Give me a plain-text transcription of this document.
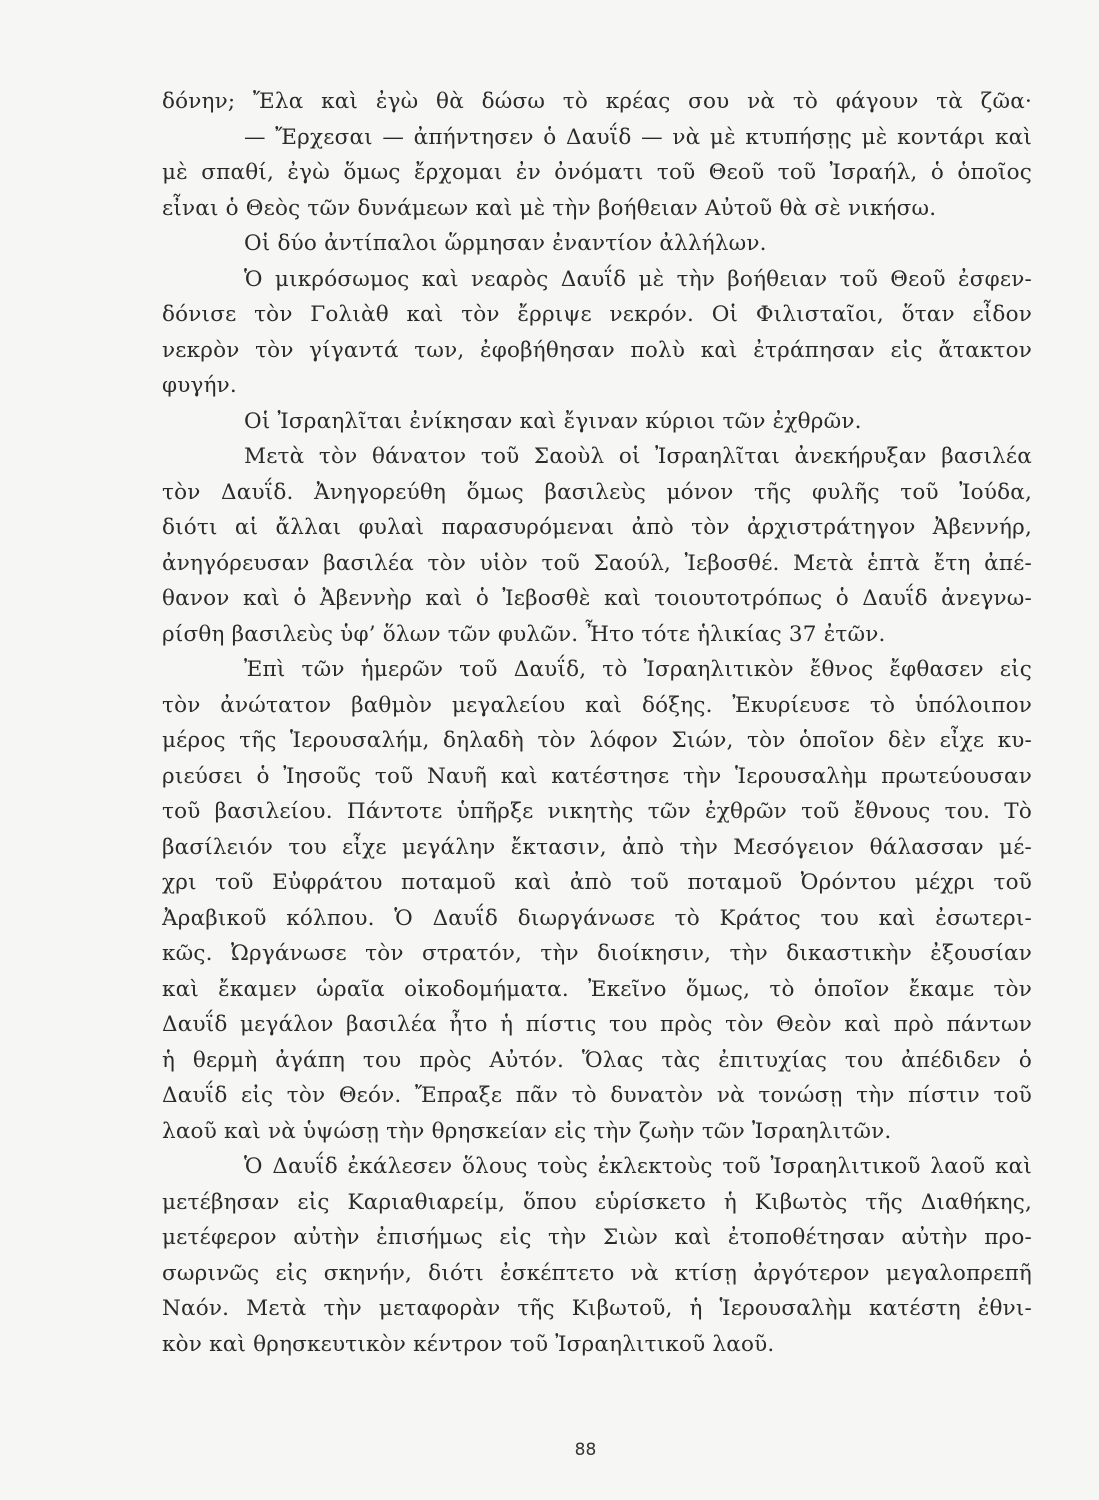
δόνην; Ἔλα καὶ ἐγὼ θὰ δώσω τὸ κρέας σου νὰ τὸ φάγουν τὰ ζῶα·
— Ἔρχεσαι — ἀπήντησεν ὁ Δαυΐδ — νὰ μὲ κτυπήσῃς μὲ κοντάρι καὶ
μὲ σπαθί, ἐγὼ ὅμως ἔρχομαι ἐν ὀνόματι τοῦ Θεοῦ τοῦ Ἰσραήλ, ὁ ὁποῖος
εἶναι ὁ Θεὸς τῶν δυνάμεων καὶ μὲ τὴν βοήθειαν Αὐτοῦ θὰ σὲ νικήσω.
Οἱ δύο ἀντίπαλοι ὥρμησαν ἐναντίον ἀλλήλων.
Ὁ μικρόσωμος καὶ νεαρὸς Δαυΐδ μὲ τὴν βοήθειαν τοῦ Θεοῦ ἐσφεν-
δόνισε τὸν Γολιὰθ καὶ τὸν ἔρριψε νεκρόν. Οἱ Φιλισταῖοι, ὅταν εἶδον
νεκρὸν τὸν γίγαντά των, ἐφοβήθησαν πολὺ καὶ ἐτράπησαν εἰς ἄτακτον
φυγήν.
Οἱ Ἰσραηλῖται ἐνίκησαν καὶ ἔγιναν κύριοι τῶν ἐχθρῶν.
Μετὰ τὸν θάνατον τοῦ Σαοὺλ οἱ Ἰσραηλῖται ἀνεκήρυξαν βασιλέα
τὸν Δαυΐδ. Ἀνηγορεύθη ὅμως βασιλεὺς μόνον τῆς φυλῆς τοῦ Ἰούδα,
διότι αἱ ἄλλαι φυλαὶ παρασυρόμεναι ἀπὸ τὸν ἀρχιστράτηγον Ἀβεννήρ,
ἀνηγόρευσαν βασιλέα τὸν υἱὸν τοῦ Σαούλ, Ἰεβοσθέ. Μετὰ ἑπτὰ ἔτη ἀπέ-
θανον καὶ ὁ Ἀβεννὴρ καὶ ὁ Ἰεβοσθὲ καὶ τοιουτοτρόπως ὁ Δαυΐδ ἀνεγνω-
ρίσθη βασιλεὺς ὑφ’ ὅλων τῶν φυλῶν. Ἦτο τότε ἡλικίας 37 ἐτῶν.
Ἐπὶ τῶν ἡμερῶν τοῦ Δαυΐδ, τὸ Ἰσραηλιτικὸν ἔθνος ἔφθασεν εἰς
τὸν ἀνώτατον βαθμὸν μεγαλείου καὶ δόξης. Ἐκυρίευσε τὸ ὑπόλοιπον
μέρος τῆς Ἱερουσαλήμ, δηλαδὴ τὸν λόφον Σιών, τὸν ὁποῖον δὲν εἶχε κυ-
ριεύσει ὁ Ἰησοῦς τοῦ Ναυῆ καὶ κατέστησε τὴν Ἱερουσαλὴμ πρωτεύουσαν
τοῦ βασιλείου. Πάντοτε ὑπῆρξε νικητὴς τῶν ἐχθρῶν τοῦ ἔθνους του. Τὸ
βασίλειόν του εἶχε μεγάλην ἔκτασιν, ἀπὸ τὴν Μεσόγειον θάλασσαν μέ-
χρι τοῦ Εὐφράτου ποταμοῦ καὶ ἀπὸ τοῦ ποταμοῦ Ὀρόντου μέχρι τοῦ
Ἀραβικοῦ κόλπου. Ὁ Δαυΐδ διωργάνωσε τὸ Κράτος του καὶ ἐσωτερι-
κῶς. Ὠργάνωσε τὸν στρατόν, τὴν διοίκησιν, τὴν δικαστικὴν ἐξουσίαν
καὶ ἔκαμεν ὡραῖα οἰκοδομήματα. Ἐκεῖνο ὅμως, τὸ ὁποῖον ἔκαμε τὸν
Δαυΐδ μεγάλον βασιλέα ἦτο ἡ πίστις του πρὸς τὸν Θεὸν καὶ πρὸ πάντων
ἡ θερμὴ ἀγάπη του πρὸς Αὐτόν. Ὅλας τὰς ἐπιτυχίας του ἀπέδιδεν ὁ
Δαυΐδ εἰς τὸν Θεόν. Ἔπραξε πᾶν τὸ δυνατὸν νὰ τονώσῃ τὴν πίστιν τοῦ
λαοῦ καὶ νὰ ὑψώσῃ τὴν θρησκείαν εἰς τὴν ζωὴν τῶν Ἰσραηλιτῶν.
Ὁ Δαυΐδ ἐκάλεσεν ὅλους τοὺς ἐκλεκτοὺς τοῦ Ἰσραηλιτικοῦ λαοῦ καὶ
μετέβησαν εἰς Καριαθιαρείμ, ὅπου εὑρίσκετο ἡ Κιβωτὸς τῆς Διαθήκης,
μετέφερον αὐτὴν ἐπισήμως εἰς τὴν Σιὼν καὶ ἐτοποθέτησαν αὐτὴν προ-
σωρινῶς εἰς σκηνήν, διότι ἐσκέπτετο νὰ κτίσῃ ἀργότερον μεγαλοπρεπῆ
Ναόν. Μετὰ τὴν μεταφορὰν τῆς Κιβωτοῦ, ἡ Ἱερουσαλὴμ κατέστη ἐθνι-
κὸν καὶ θρησκευτικὸν κέντρον τοῦ Ἰσραηλιτικοῦ λαοῦ.
88
